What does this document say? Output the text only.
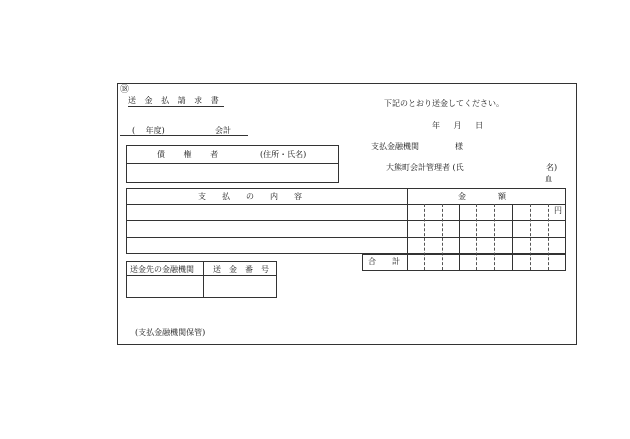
⑱
送 金 払 請 求 書	下記のとおり送金してください。
(　 年度)	会計
年　 月　 日
支払金融機関	様
大熊町会計管理者 (氏	名)
⾎
債　　 権　　 者	(住所・氏名)
支　　払　　の　　内　　容	金　　　　額
円
合　　計
送金先の金融機関 送　金　番　号
(支払金融機関保管)
